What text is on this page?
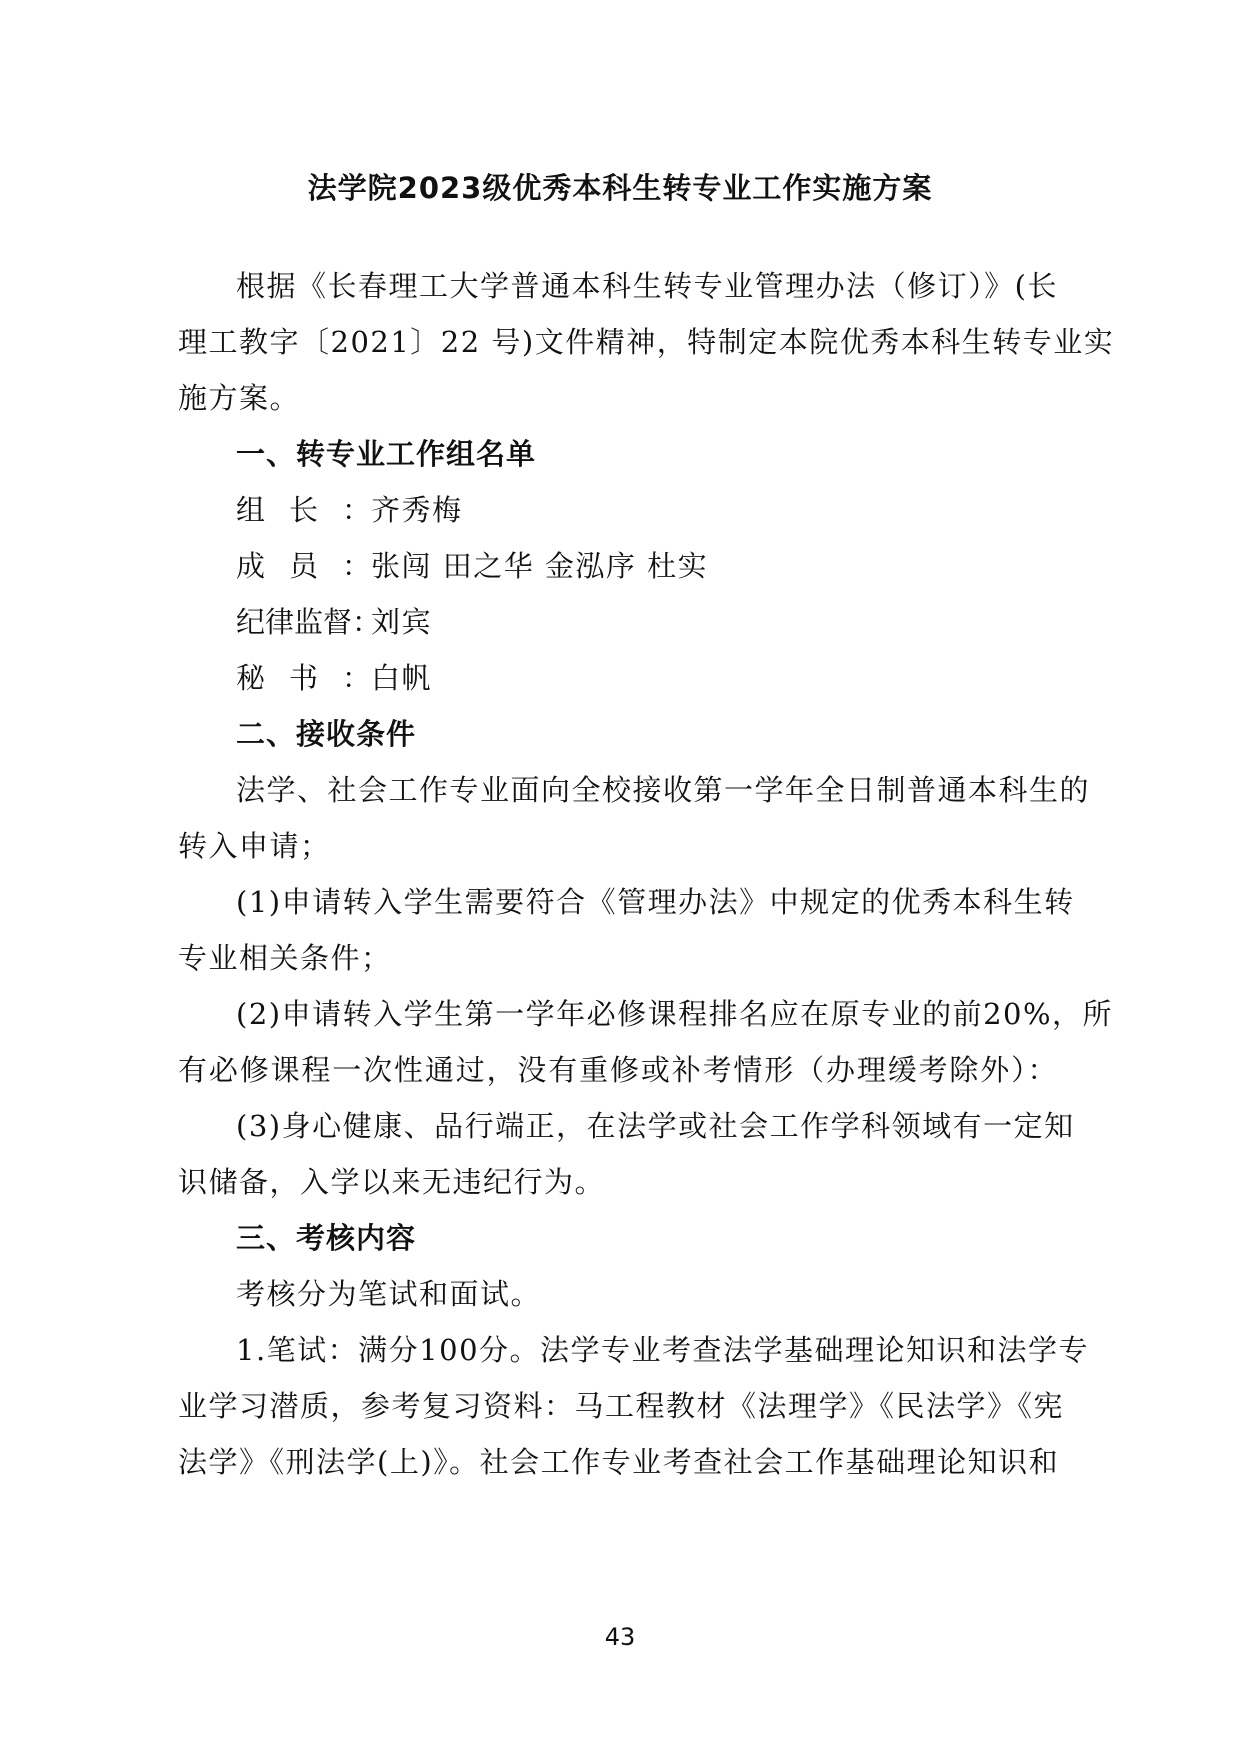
法学院2023级优秀本科生转专业工作实施方案
根据《长春理工大学普通本科生转专业管理办法（修订）》(长
理工教字〔2021〕22 号)文件精神，特制定本院优秀本科生转专业实
施方案。
一、转专业工作组名单
组长：齐秀梅
成员：张闯 田之华 金泓序 杜实
纪律监督：刘宾
秘书：白帆
二、接收条件
法学、社会工作专业面向全校接收第一学年全日制普通本科生的
转入申请；
(1)申请转入学生需要符合《管理办法》中规定的优秀本科生转
专业相关条件；
(2)申请转入学生第一学年必修课程排名应在原专业的前20%，所
有必修课程一次性通过，没有重修或补考情形（办理缓考除外）：
(3)身心健康、品行端正，在法学或社会工作学科领域有一定知
识储备，入学以来无违纪行为。
三、考核内容
考核分为笔试和面试。
1.笔试：满分100分。法学专业考查法学基础理论知识和法学专
业学习潜质，参考复习资料：马工程教材《法理学》《民法学》《宪
法学》《刑法学(上)》。社会工作专业考查社会工作基础理论知识和
43
